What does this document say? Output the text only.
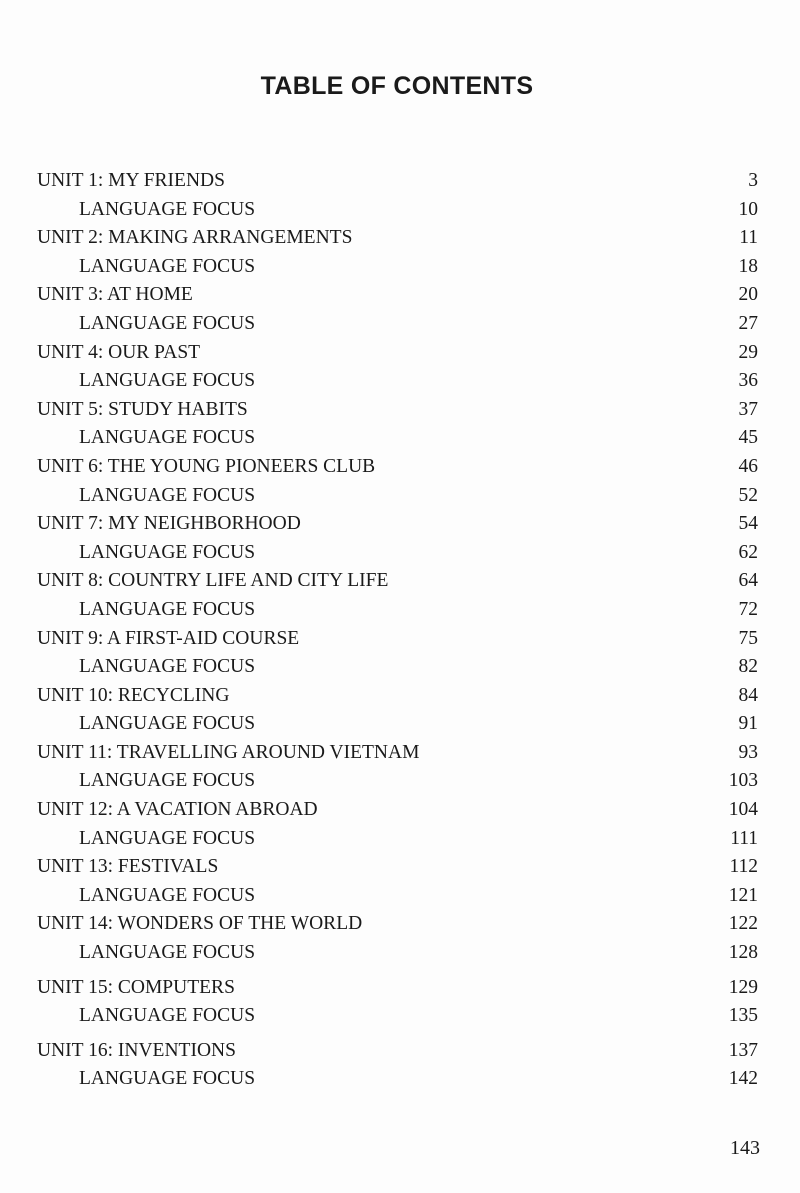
TABLE OF CONTENTS
UNIT 1: MY FRIENDS	3
LANGUAGE FOCUS	10
UNIT 2: MAKING ARRANGEMENTS	11
LANGUAGE FOCUS	18
UNIT 3: AT HOME	20
LANGUAGE FOCUS	27
UNIT 4: OUR PAST	29
LANGUAGE FOCUS	36
UNIT 5: STUDY HABITS	37
LANGUAGE FOCUS	45
UNIT 6: THE YOUNG PIONEERS CLUB	46
LANGUAGE FOCUS	52
UNIT 7: MY NEIGHBORHOOD	54
LANGUAGE FOCUS	62
UNIT 8: COUNTRY LIFE AND CITY LIFE	64
LANGUAGE FOCUS	72
UNIT 9: A FIRST-AID COURSE	75
LANGUAGE FOCUS	82
UNIT 10: RECYCLING	84
LANGUAGE FOCUS	91
UNIT 11: TRAVELLING AROUND VIETNAM	93
LANGUAGE FOCUS	103
UNIT 12: A VACATION ABROAD	104
LANGUAGE FOCUS	111
UNIT 13: FESTIVALS	112
LANGUAGE FOCUS	121
UNIT 14: WONDERS OF THE WORLD	122
LANGUAGE FOCUS	128
UNIT 15: COMPUTERS	129
LANGUAGE FOCUS	135
UNIT 16: INVENTIONS	137
LANGUAGE FOCUS	142
143
